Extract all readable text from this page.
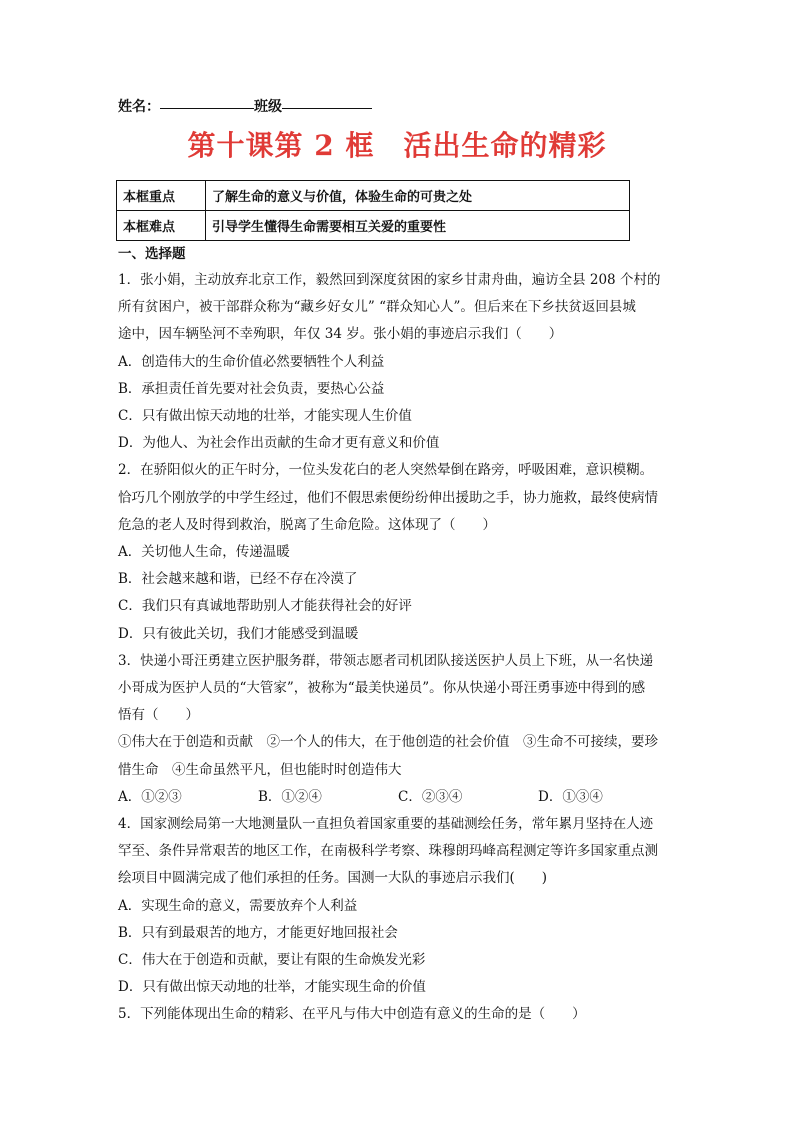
姓名：	班级
第十课第 2 框　活出生命的精彩
本框重点	了解生命的意义与价值，体验生命的可贵之处
本框难点	引导学生懂得生命需要相互关爱的重要性

一、选择题

1．张小娟，主动放弃北京工作，毅然回到深度贫困的家乡甘肃舟曲，遍访全县 208 个村的

所有贫困户，被干部群众称为“藏乡好女儿” “群众知心人”。但后来在下乡扶贫返回县城

途中，因车辆坠河不幸殉职，年仅 34 岁。张小娟的事迹启示我们（　　）

A．创造伟大的生命价值必然要牺牲个人利益

B．承担责任首先要对社会负责，要热心公益

C．只有做出惊天动地的壮举，才能实现人生价值

D．为他人、为社会作出贡献的生命才更有意义和价值

2．在骄阳似火的正午时分，一位头发花白的老人突然晕倒在路旁，呼吸困难，意识模糊。

恰巧几个刚放学的中学生经过，他们不假思索便纷纷伸出援助之手，协力施救，最终使病情

危急的老人及时得到救治，脱离了生命危险。这体现了（　　）

A．关切他人生命，传递温暖

B．社会越来越和谐，已经不存在冷漠了

C．我们只有真诚地帮助别人才能获得社会的好评

D．只有彼此关切，我们才能感受到温暖

3．快递小哥汪勇建立医护服务群，带领志愿者司机团队接送医护人员上下班，从一名快递

小哥成为医护人员的“大管家”，被称为“最美快递员”。你从快递小哥汪勇事迹中得到的感

悟有（　　）

①伟大在于创造和贡献　②一个人的伟大，在于他创造的社会价值　③生命不可接续，要珍

惜生命　④生命虽然平凡，但也能时时创造伟大

A．①②③	B．①②④	C．②③④	D．①③④

4．国家测绘局第一大地测量队一直担负着国家重要的基础测绘任务，常年累月坚持在人迹

罕至、条件异常艰苦的地区工作，在南极科学考察、珠穆朗玛峰高程测定等许多国家重点测

绘项目中圆满完成了他们承担的任务。国测一大队的事迹启示我们(　　)

A．实现生命的意义，需要放弃个人利益

B．只有到最艰苦的地方，才能更好地回报社会

C．伟大在于创造和贡献，要让有限的生命焕发光彩

D．只有做出惊天动地的壮举，才能实现生命的价值

5．下列能体现出生命的精彩、在平凡与伟大中创造有意义的生命的是（　　）
